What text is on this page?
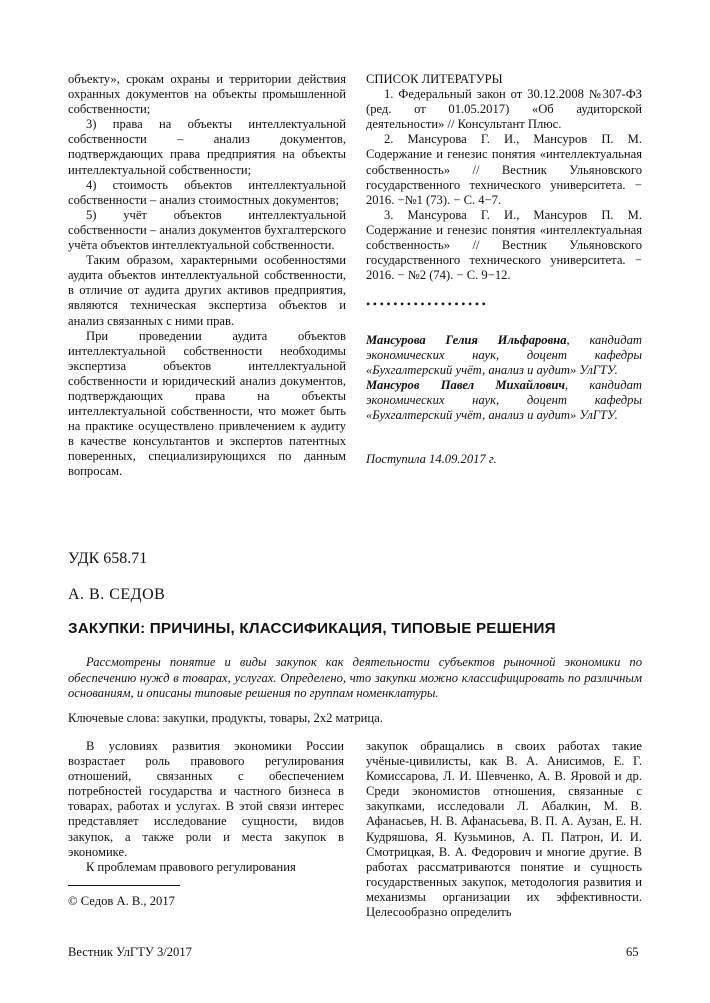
объекту», срокам охраны и территории действия охранных документов на объекты промышленной собственности;

3) права на объекты интеллектуальной собственности – анализ документов, подтверждающих права предприятия на объекты интеллектуальной собственности;

4) стоимость объектов интеллектуальной собственности – анализ стоимостных документов;

5) учёт объектов интеллектуальной собственности – анализ документов бухгалтерского учёта объектов интеллектуальной собственности.

Таким образом, характерными особенностями аудита объектов интеллектуальной собственности, в отличие от аудита других активов предприятия, являются техническая экспертиза объектов и анализ связанных с ними прав.

При проведении аудита объектов интеллектуальной собственности необходимы экспертиза объектов интеллектуальной собственности и юридический анализ документов, подтверждающих права на объекты интеллектуальной собственности, что может быть на практике осуществлено привлечением к аудиту в качестве консультантов и экспертов патентных поверенных, специализирующихся по данным вопросам.

СПИСОК ЛИТЕРАТУРЫ

1. Федеральный закон от 30.12.2008 №307-ФЗ (ред. от 01.05.2017) «Об аудиторской деятельности» // Консультант Плюс.

2. Мансурова Г. И., Мансуров П. М. Содержание и генезис понятия «интеллектуальная собственность» // Вестник Ульяновского государственного технического университета. − 2016. −№1 (73). − С. 4−7.

3. Мансурова Г. И., Мансуров П. М. Содержание и генезис понятия «интеллектуальная собственность» // Вестник Ульяновского государственного технического университета. − 2016. − №2 (74). − С. 9−12.

••••••••••••••••••

Мансурова Гелия Ильфаровна, кандидат экономических наук, доцент кафедры «Бухгалтерский учёт, анализ и аудит» УлГТУ.

Мансуров Павел Михайлович, кандидат экономических наук, доцент кафедры «Бухгалтерский учёт, анализ и аудит» УлГТУ.

Поступила 14.09.2017 г.
УДК 658.71
А. В. СЕДОВ
ЗАКУПКИ: ПРИЧИНЫ, КЛАССИФИКАЦИЯ, ТИПОВЫЕ РЕШЕНИЯ
Рассмотрены понятие и виды закупок как деятельности субъектов рыночной экономики по обеспечению нужд в товарах, услугах. Определено, что закупки можно классифицировать по различным основаниям, и описаны типовые решения по группам номенклатуры.
Ключевые слова: закупки, продукты, товары, 2х2 матрица.

В условиях развития экономики России возрастает роль правового регулирования отношений, связанных с обеспечением потребностей государства и частного бизнеса в товарах, работах и услугах. В этой связи интерес представляет исследование сущности, видов закупок, а также роли и места закупок в экономике.

К проблемам правового регулирования

закупок обращались в своих работах такие учёные-цивилисты, как В. А. Анисимов, Е. Г. Комиссарова, Л. И. Шевченко, А. В. Яровой и др. Среди экономистов отношения, связанные с закупками, исследовали Л. Абалкин, М. В. Афанасьев, Н. В. Афанасьева, В. П. А. Аузан, Е. Н. Кудряшова, Я. Кузьминов, А. П. Патрон, И. И. Смотрицкая, В. А. Федорович и многие другие. В работах рассматриваются понятие и сущность государственных закупок, методология развития и механизмы организации их эффективности. Целесообразно определить

© Седов А. В., 2017
Вестник УлГТУ 3/2017	65
